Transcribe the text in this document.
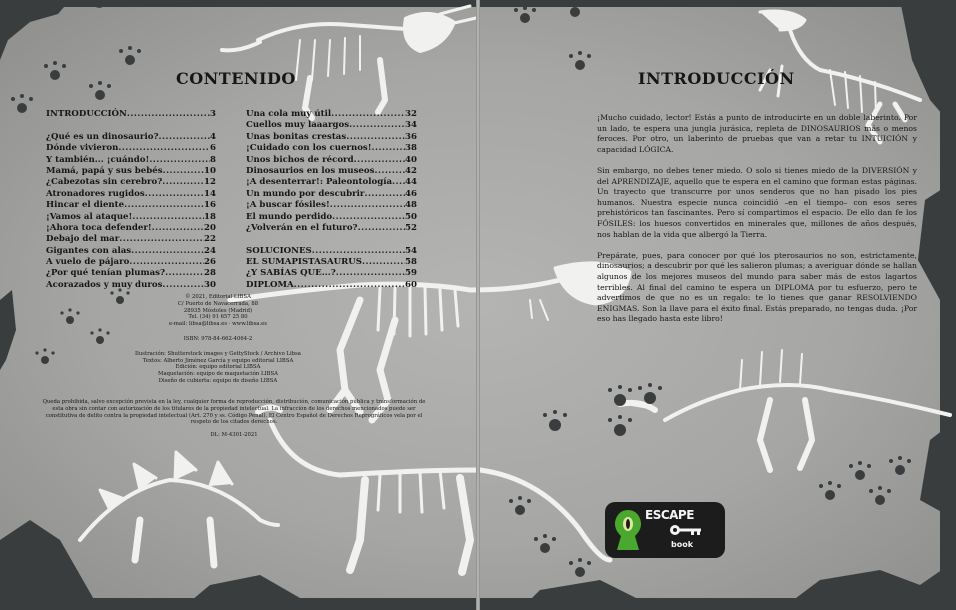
CONTENIDO
INTRODUCCIÓN .....	3
¿Qué es un dinosaurio? .....	4
Dónde vivieron .....	6
Y también... ¡cuándo! .....	8
Mamá, papá y sus bebés .....	10
¿Cabezotas sin cerebro? .....	12
Atronadores rugidos .....	14
Hincar el diente .....	16
¡Vamos al ataque! .....	18
¡Ahora toca defender! .....	20
Debajo del mar .....	22
Gigantes con alas .....	24
A vuelo de pájaro .....	26
¿Por qué tenían plumas? .....	28
Acorazados y muy duros .....	30
Una cola muy útil .....	32
Cuellos muy laaargos .....	34
Unas bonitas crestas .....	36
¡Cuidado con los cuernos! .....	38
Unos bichos de récord .....	40
Dinosaurios en los museos .....	42
¡A desenterrar!: Paleontología ..... 44
Un mundo por descubrir .....	46
¡A buscar fósiles! .....	48
El mundo perdido .....	50
¿Volverán en el futuro? .....	52
SOLUCIONES .....	54
EL SUMAPISTASAURUS .....	58
¿Y SABÍAS QUE...? .....	59
DIPLOMA .....	60

© 2021, Editorial LIBSA

C/ Puerto de Navacerrada, 88

28935 Móstoles (Madrid)

Tel. (34) 91 657 25 80

e-mail: libsa@libsa.es · www.libsa.es

ISBN: 978-84-662-4064-2

Ilustración: Shutterstock images y GettyStock / Archivo Libsa

Textos: Alberto Jiménez García y equipo editorial LIBSA

Edición: equipo editorial LIBSA

Maquetación: equipo de maquetación LIBSA

Diseño de cubierta: equipo de diseño LIBSA

Queda prohibida, salvo excepción prevista en la ley, cualquier forma de reproducción, distribución, comunicación pública y transformación de esta obra sin contar con autorización de los titulares de la propiedad intelectual. La infracción de los derechos mencionados puede ser constitutiva de delito contra la propiedad intelectual (Art. 270 y ss. Código Penal). El Centro Español de Derechos Reprográficos vela por el respeto de los citados derechos.

DL: M-4301-2021

INTRODUCCIÓN

¡Mucho cuidado, lector! Estás a punto de introducirte en un doble laberinto. Por un lado, te espera una jungla jurásica, repleta de DINOSAURIOS más o menos feroces. Por otro, un laberinto de pruebas que van a retar tu INTUICIÓN y capacidad LÓGICA.

Sin embargo, no debes tener miedo. O solo si tienes miedo de la DIVERSIÓN y del APRENDIZAJE, aquello que te espera en el camino que forman estas páginas. Un trayecto que transcurre por unos senderos que no han pisado los pies humanos. Nuestra especie nunca coincidió –en el tiempo– con esos seres prehistóricos tan fascinantes. Pero sí compartimos el espacio. De ello dan fe los FÓSILES: los huesos convertidos en minerales que, millones de años después, nos hablan de la vida que albergó la Tierra.

Prepárate, pues, para conocer por qué los pterosaurios no son, estrictamente, dinosaurios; a descubrir por qué les salieron plumas; a averiguar dónde se hallan algunos de los mejores museos del mundo para saber más de estos lagartos terribles. Al final del camino te espera un DIPLOMA por tu esfuerzo, pero te advertimos de que no es un regalo: te lo tienes que ganar RESOLVIENDO ENIGMAS. Son la llave para el éxito final. Estás preparado, no tengas duda. ¡Por eso has llegado hasta este libro!

ESCAPE
book
